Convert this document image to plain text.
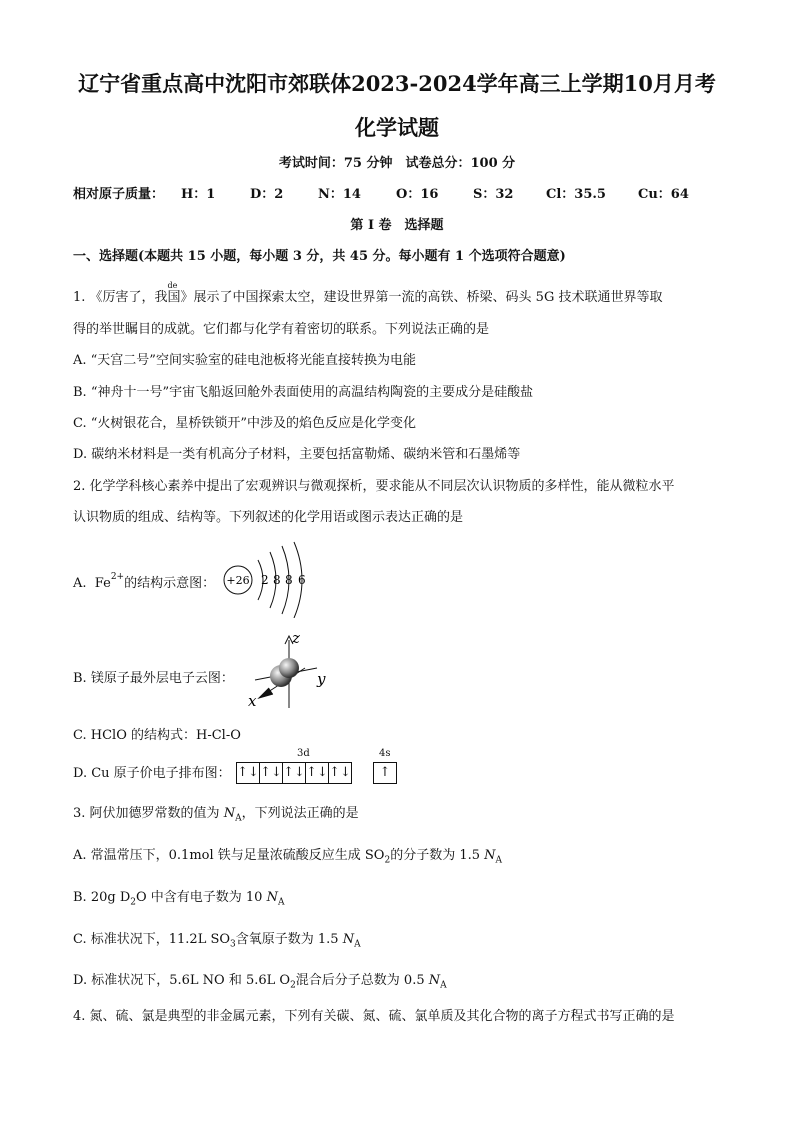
辽宁省重点高中沈阳市郊联体2023-2024学年高三上学期10月月考
化学试题
考试时间：75 分钟　试卷总分：100 分
相对原子质量： H：1	D：2	N：14	O：16	S：32	Cl：35.5 Cu：64
第 I 卷　选择题
一、选择题(本题共 15 小题，每小题 3 分，共 45 分。每小题有 1 个选项符合题意)
1. 《厉害了，我
de
国》展示了中国探索太空，建设世界第一流的高铁、桥梁、码头 5G 技术联通世界等取
得的举世瞩目的成就。它们都与化学有着密切的联系。下列说法正确的是
A. “天宫二号”空间实验室的硅电池板将光能直接转换为电能
B. “神舟十一号”宇宙飞船返回舱外表面使用的高温结构陶瓷的主要成分是硅酸盐
C. “火树银花合，星桥铁锁开”中涉及的焰色反应是化学变化
D. 碳纳米材料是一类有机高分子材料，主要包括富勒烯、碳纳米管和石墨烯等
2. 化学学科核心素养中提出了宏观辨识与微观探析，要求能从不同层次认识物质的多样性，能从微粒水平
认识物质的组成、结构等。下列叙述的化学用语或图示表达正确的是
A. $Fe^{2+}$的结构示意图： +26 2 8 8 6
B. 镁原子最外层电子云图：
z
y
x
C. HClO 的结构式：H-Cl-O
D. Cu 原子价电子排布图：
3d	4s
↑↓↑↓↑↓↑↓↑↓	↑
3. 阿伏加德罗常数的值为 $N_A$，下列说法正确的是
A. 常温常压下，0.1mol 铁与足量浓硫酸反应生成 $SO_2$的分子数为 1.5 $N_A$
B. 20g $D_2O$ 中含有电子数为 10 $N_A$
C. 标准状况下，11.2L $SO_3$含氧原子数为 1.5 $N_A$
D. 标准状况下，5.6L NO 和 5.6L $O_2$混合后分子总数为 0.5 $N_A$
4. 氮、硫、氯是典型的非金属元素，下列有关碳、氮、硫、氯单质及其化合物的离子方程式书写正确的是
